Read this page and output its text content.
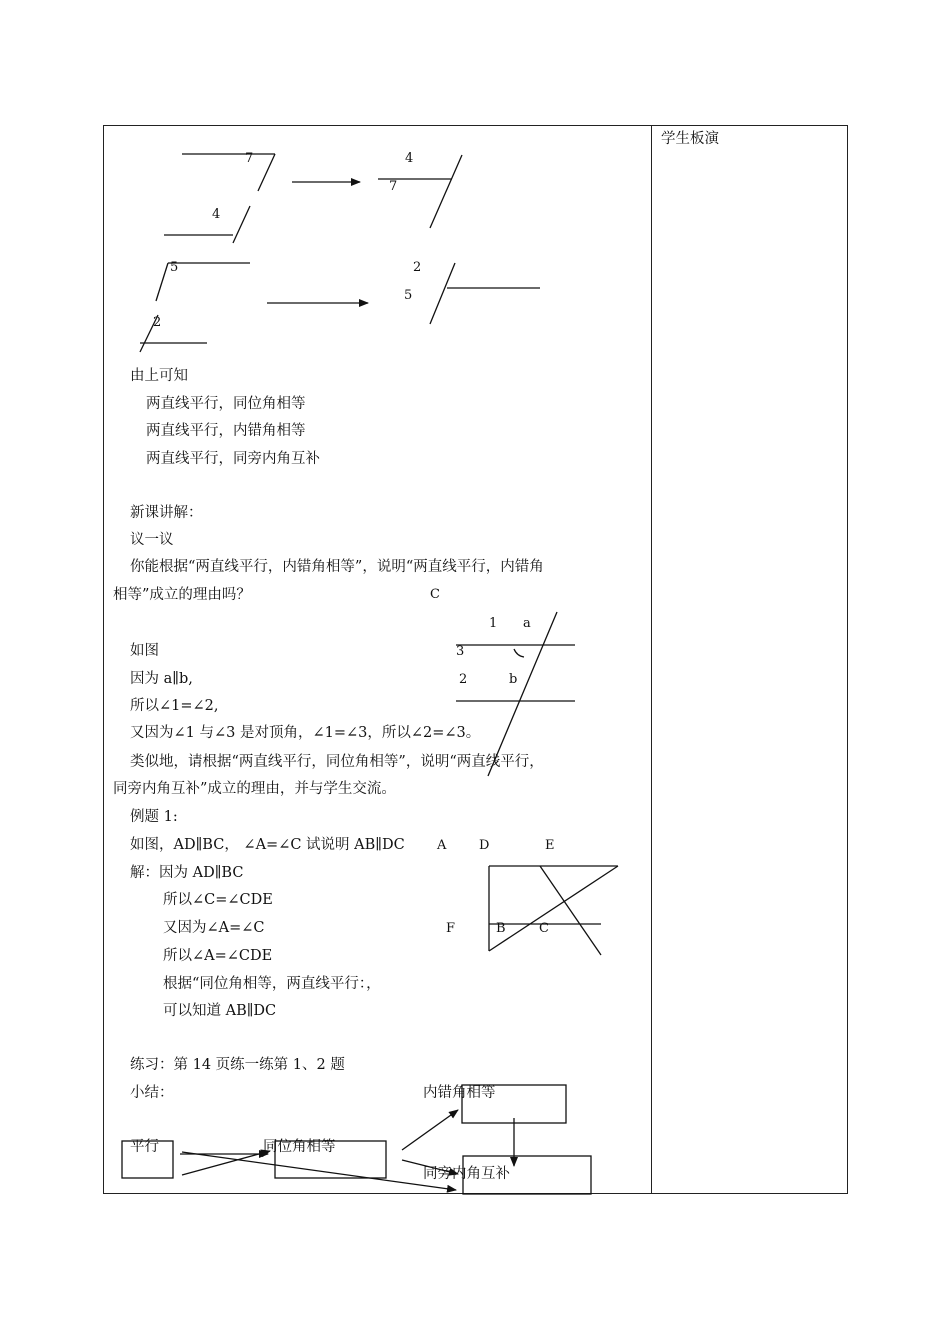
学生板演
7
4
4
7
5
2
2
5
C
1 a
3
2	b
A	D	E
F	B	C
由上可知
两直线平行，同位角相等
两直线平行，内错角相等
两直线平行，同旁内角互补
新课讲解：
议一议
你能根据“两直线平行，内错角相等”，说明“两直线平行，内错角
相等”成立的理由吗？
如图
因为 a∥b,
所以∠1=∠2,
又因为∠1 与∠3 是对顶角，∠1=∠3，所以∠2=∠3。
类似地，请根据“两直线平行，同位角相等”，说明“两直线平行，
同旁内角互补”成立的理由，并与学生交流。
例题 1:
如图，AD∥BC， ∠A=∠C 试说明 AB∥DC
解：因为 AD∥BC
所以∠C=∠CDE
又因为∠A=∠C
所以∠A=∠CDE
根据“同位角相等，两直线平行：，
可以知道 AB∥DC
练习：第 14 页练一练第 1、2 题
小结：	内错角相等
平行	同位角相等
同旁内角互补
